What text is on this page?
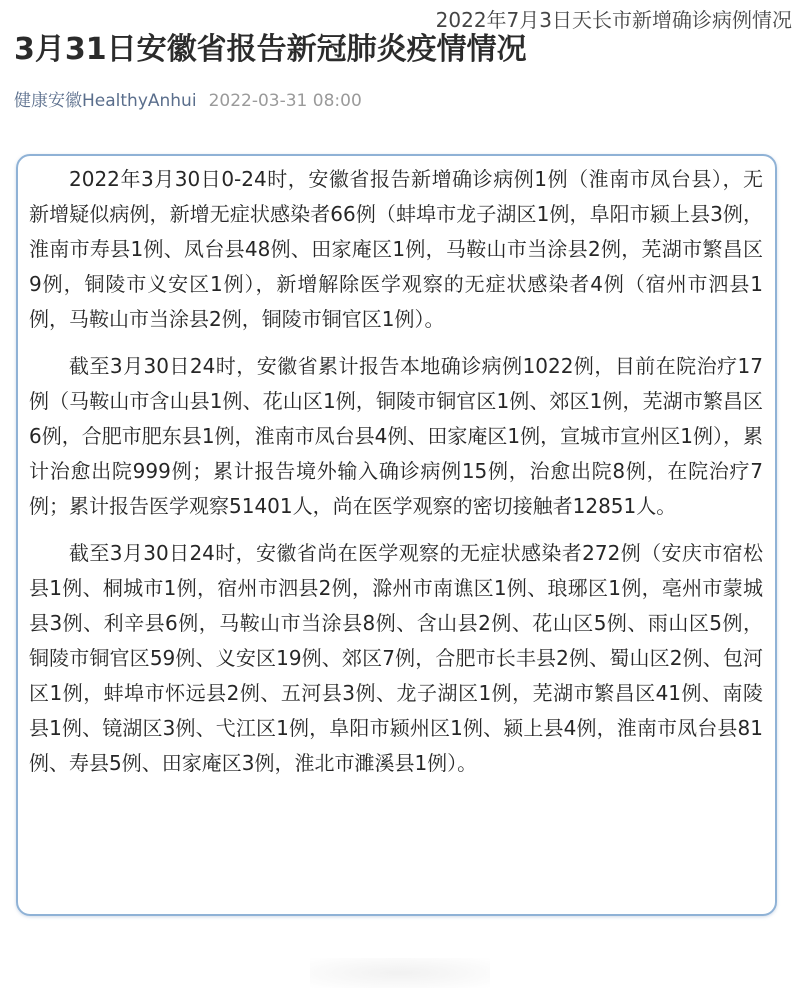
2022年7月3日天长市新增确诊病例情况
3月31日安徽省报告新冠肺炎疫情情况
健康安徽HealthyAnhui 2022-03-31 08:00

2022年3月30日0-24时，安徽省报告新增确诊病例1例（淮南市凤台县），无新增疑似病例，新增无症状感染者66例（蚌埠市龙子湖区1例，阜阳市颍上县3例，淮南市寿县1例、凤台县48例、田家庵区1例，马鞍山市当涂县2例，芜湖市繁昌区9例，铜陵市义安区1例），新增解除医学观察的无症状感染者4例（宿州市泗县1例，马鞍山市当涂县2例，铜陵市铜官区1例）。

截至3月30日24时，安徽省累计报告本地确诊病例1022例，目前在院治疗17例（马鞍山市含山县1例、花山区1例，铜陵市铜官区1例、郊区1例，芜湖市繁昌区6例，合肥市肥东县1例，淮南市凤台县4例、田家庵区1例，宣城市宣州区1例），累计治愈出院999例；累计报告境外输入确诊病例15例，治愈出院8例，在院治疗7例；累计报告医学观察51401人，尚在医学观察的密切接触者12851人。

截至3月30日24时，安徽省尚在医学观察的无症状感染者272例（安庆市宿松县1例、桐城市1例，宿州市泗县2例，滁州市南谯区1例、琅琊区1例，亳州市蒙城县3例、利辛县6例，马鞍山市当涂县8例、含山县2例、花山区5例、雨山区5例，铜陵市铜官区59例、义安区19例、郊区7例，合肥市长丰县2例、蜀山区2例、包河区1例，蚌埠市怀远县2例、五河县3例、龙子湖区1例，芜湖市繁昌区41例、南陵县1例、镜湖区3例、弋江区1例，阜阳市颍州区1例、颍上县4例，淮南市凤台县81例、寿县5例、田家庵区3例，淮北市濉溪县1例）。
